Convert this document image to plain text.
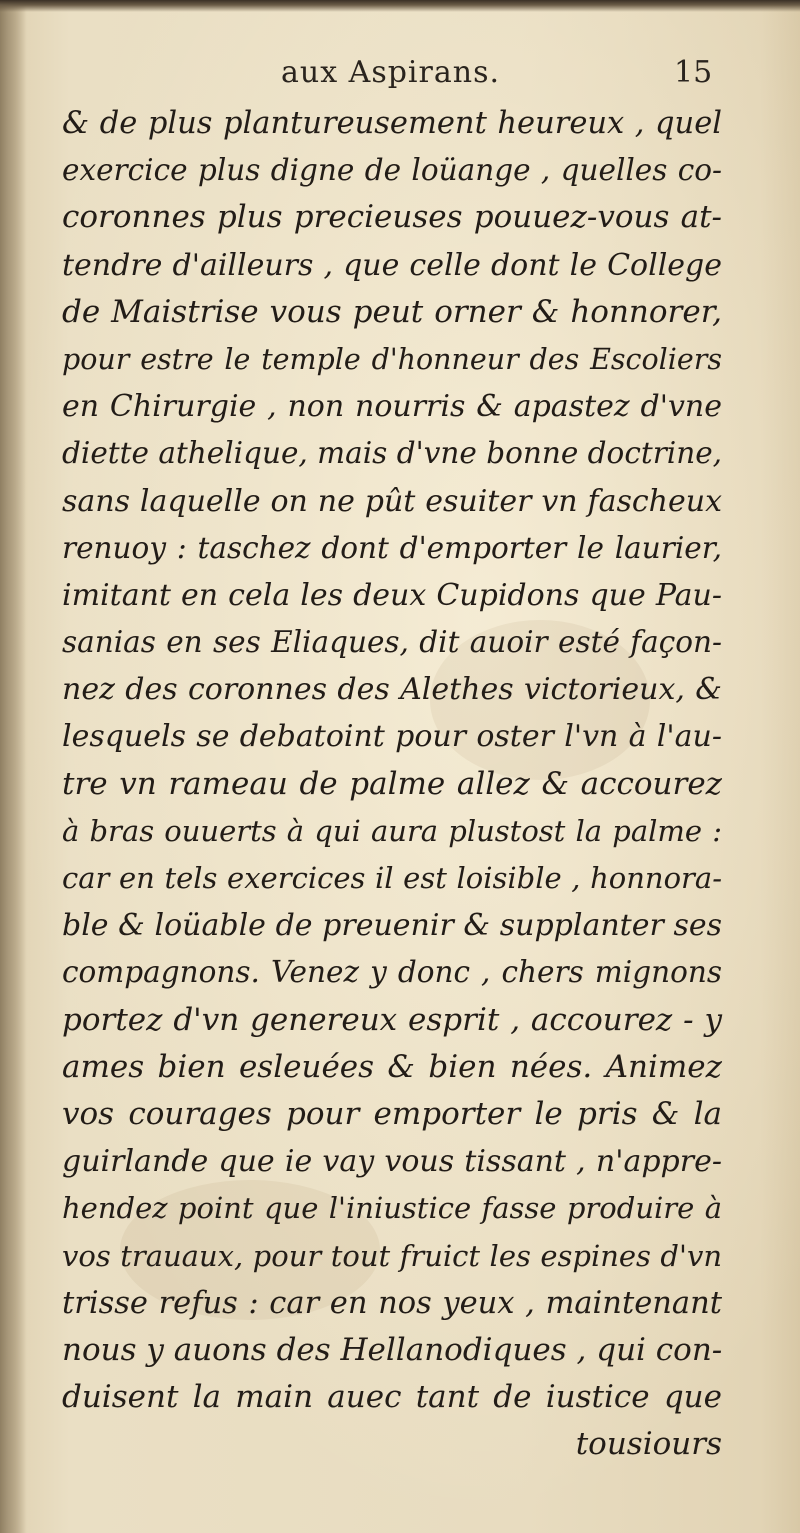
aux Aspirans.	15
& de plus plantureusement heureux , quel
exercice plus digne de loüange , quelles co-
coronnes plus precieuses pouuez-vous at-
tendre d'ailleurs , que celle dont le College
de Maistrise vous peut orner & honnorer,
pour estre le temple d'honneur des Escoliers
en Chirurgie , non nourris & apastez d'vne
diette athelique, mais d'vne bonne doctrine,
sans laquelle on ne pût esuiter vn fascheux
renuoy : taschez dont d'emporter le laurier,
imitant en cela les deux Cupidons que Pau-
sanias en ses Eliaques, dit auoir esté façon-
nez des coronnes des Alethes victorieux, &
lesquels se debatoint pour oster l'vn à l'au-
tre vn rameau de palme allez & accourez
à bras ouuerts à qui aura plustost la palme :
car en tels exercices il est loisible , honnora-
ble & loüable de preuenir & supplanter ses
compagnons. Venez y donc , chers mignons
portez d'vn genereux esprit , accourez - y
ames bien esleuées & bien nées. Animez
vos courages pour emporter le pris & la
guirlande que ie vay vous tissant , n'appre-
hendez point que l'iniustice fasse produire à
vos trauaux, pour tout fruict les espines d'vn
trisse refus : car en nos yeux , maintenant
nous y auons des Hellanodiques , qui con-
duisent la main auec tant de iustice que
tousiours
